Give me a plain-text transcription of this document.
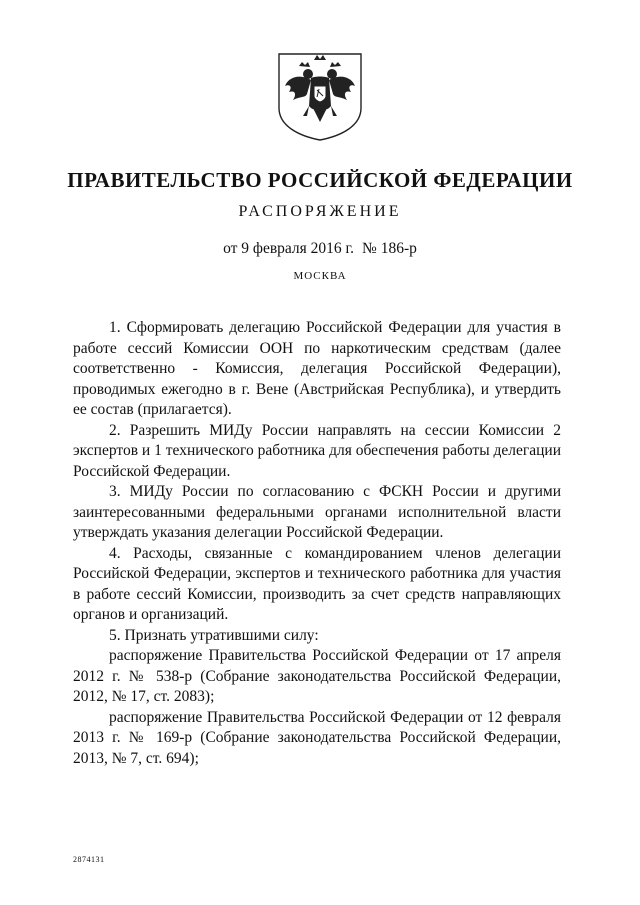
ПРАВИТЕЛЬСТВО РОССИЙСКОЙ ФЕДЕРАЦИИ
РАСПОРЯЖЕНИЕ
от 9 февраля 2016 г. № 186-р
МОСКВА

1. Сформировать делегацию Российской Федерации для участия в работе сессий Комиссии ООН по наркотическим средствам (далее соответственно - Комиссия, делегация Российской Федерации), проводимых ежегодно в г. Вене (Австрийская Республика), и утвердить ее состав (прилагается).

2. Разрешить МИДу России направлять на сессии Комиссии 2 экспертов и 1 технического работника для обеспечения работы делегации Российской Федерации.

3. МИДу России по согласованию с ФСКН России и другими заинтересованными федеральными органами исполнительной власти утверждать указания делегации Российской Федерации.

4. Расходы, связанные с командированием членов делегации Российской Федерации, экспертов и технического работника для участия в работе сессий Комиссии, производить за счет средств направляющих органов и организаций.

5. Признать утратившими силу:

распоряжение Правительства Российской Федерации от 17 апреля 2012 г. № 538-р (Собрание законодательства Российской Федерации, 2012, № 17, ст. 2083);

распоряжение Правительства Российской Федерации от 12 февраля 2013 г. № 169-р (Собрание законодательства Российской Федерации, 2013, № 7, ст. 694);

2874131
